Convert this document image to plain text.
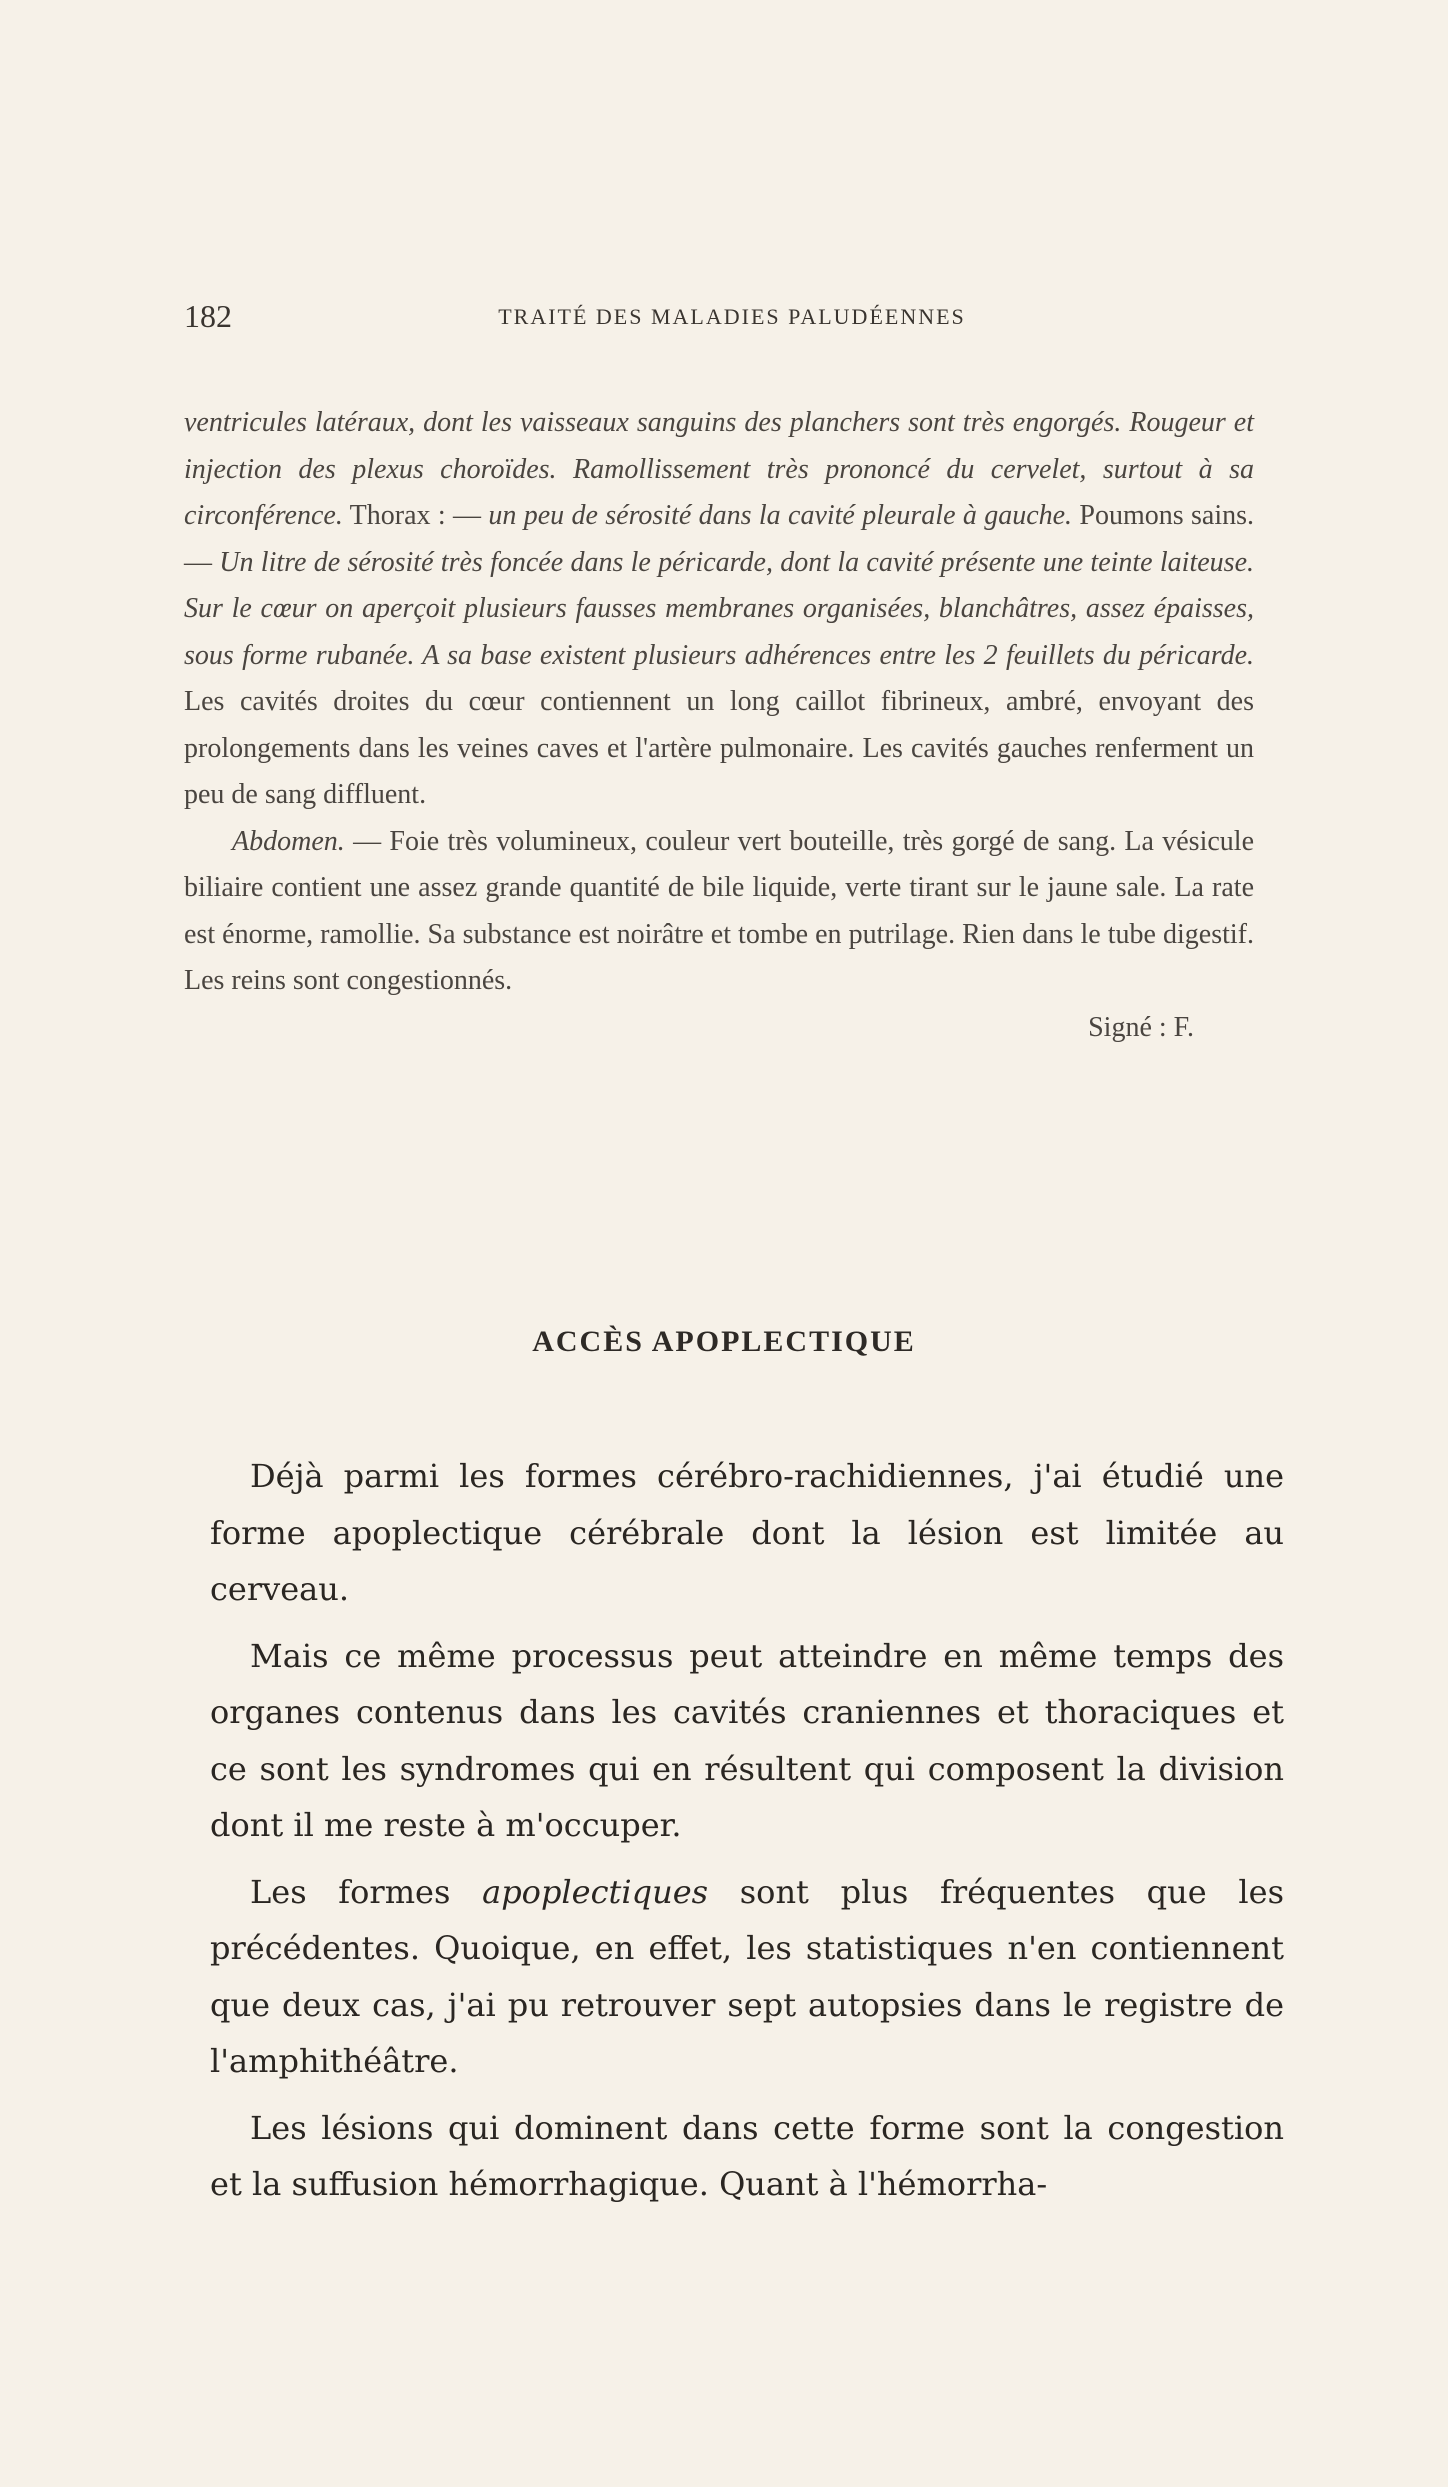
182	TRAITÉ DES MALADIES PALUDÉENNES

ventricules latéraux, dont les vaisseaux sanguins des planchers sont très engorgés. Rougeur et injection des plexus choroïdes. Ramollissement très prononcé du cervelet, surtout à sa circonférence. Thorax : — un peu de sérosité dans la cavité pleurale à gauche. Poumons sains. — Un litre de sérosité très foncée dans le péricarde, dont la cavité présente une teinte laiteuse. Sur le cœur on aperçoit plusieurs fausses membranes organisées, blanchâtres, assez épaisses, sous forme rubanée. A sa base existent plusieurs adhérences entre les 2 feuillets du péricarde. Les cavités droites du cœur contiennent un long caillot fibrineux, ambré, envoyant des prolongements dans les veines caves et l'artère pulmonaire. Les cavités gauches renferment un peu de sang diffluent.

Abdomen. — Foie très volumineux, couleur vert bouteille, très gorgé de sang. La vésicule biliaire contient une assez grande quantité de bile liquide, verte tirant sur le jaune sale. La rate est énorme, ramollie. Sa substance est noirâtre et tombe en putrilage. Rien dans le tube digestif. Les reins sont congestionnés.

Signé : F.

ACCÈS APOPLECTIQUE

Déjà parmi les formes cérébro-rachidiennes, j'ai étudié une forme apoplectique cérébrale dont la lésion est limitée au cerveau.

Mais ce même processus peut atteindre en même temps des organes contenus dans les cavités craniennes et thoraciques et ce sont les syndromes qui en résultent qui composent la division dont il me reste à m'occuper.

Les formes apoplectiques sont plus fréquentes que les précédentes. Quoique, en effet, les statistiques n'en contiennent que deux cas, j'ai pu retrouver sept autopsies dans le registre de l'amphithéâtre.

Les lésions qui dominent dans cette forme sont la congestion et la suffusion hémorrhagique. Quant à l'hémorrha-
